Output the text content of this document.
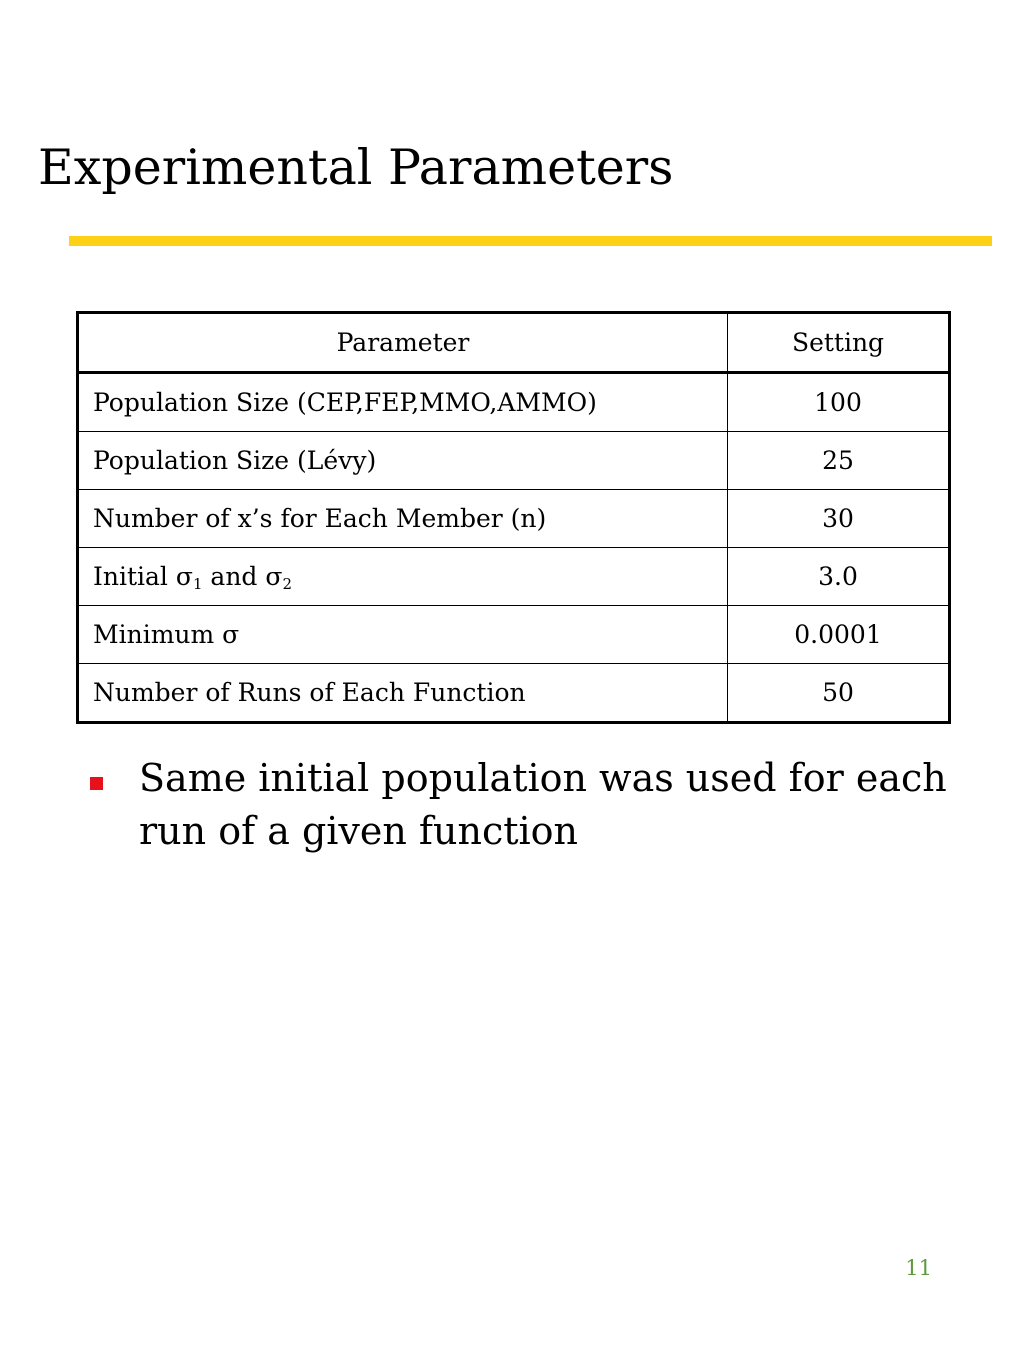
Experimental Parameters
Parameter	Setting
Population Size (CEP,FEP,MMO,AMMO)	100
Population Size (Lévy)	25
Number of x’s for Each Member (n)	30
Initial $\sigma_1$ and $\sigma_2$	3.0
Minimum σ	0.0001
Number of Runs of Each Function	50
Same initial population was used for each run of a given function
11
